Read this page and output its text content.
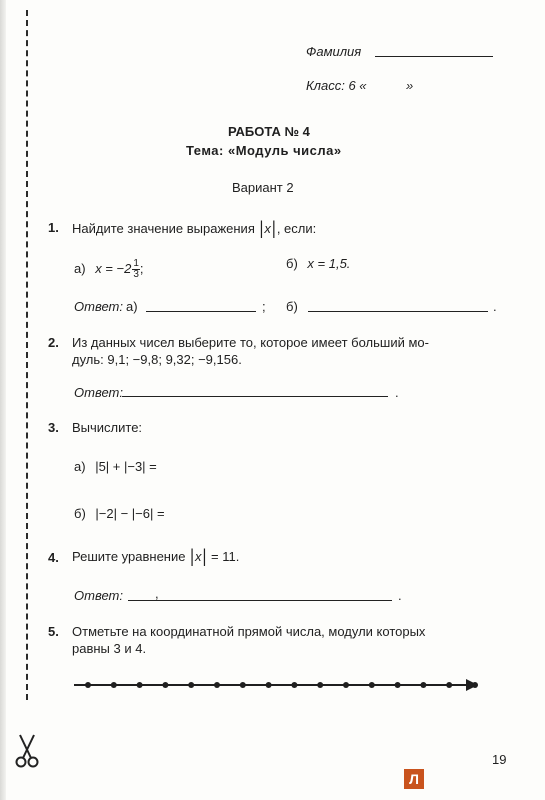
Фамилия
Класс: 6 «	»
РАБОТА № 4
Тема: «Модуль числа»
Вариант 2
1. Найдите значение выражения |x|, если:
а) $x = -2 \frac{1}{3}$ ;	б) x = 1,5.
Ответ: а)	; б)	.
2. Из данных чисел выберите то, которое имеет больший мо-
дуль: 9,1; −9,8; 9,32; −9,156.
Ответ:	.
3. Вычислите:
а) |5| + |−3| =
б) |−2| − |−6| =
4. Решите уравнение |x| = 11.
Ответ: ,	.
5. Отметьте на координатной прямой числа, модули которых
равны 3 и 4.
19
Л
